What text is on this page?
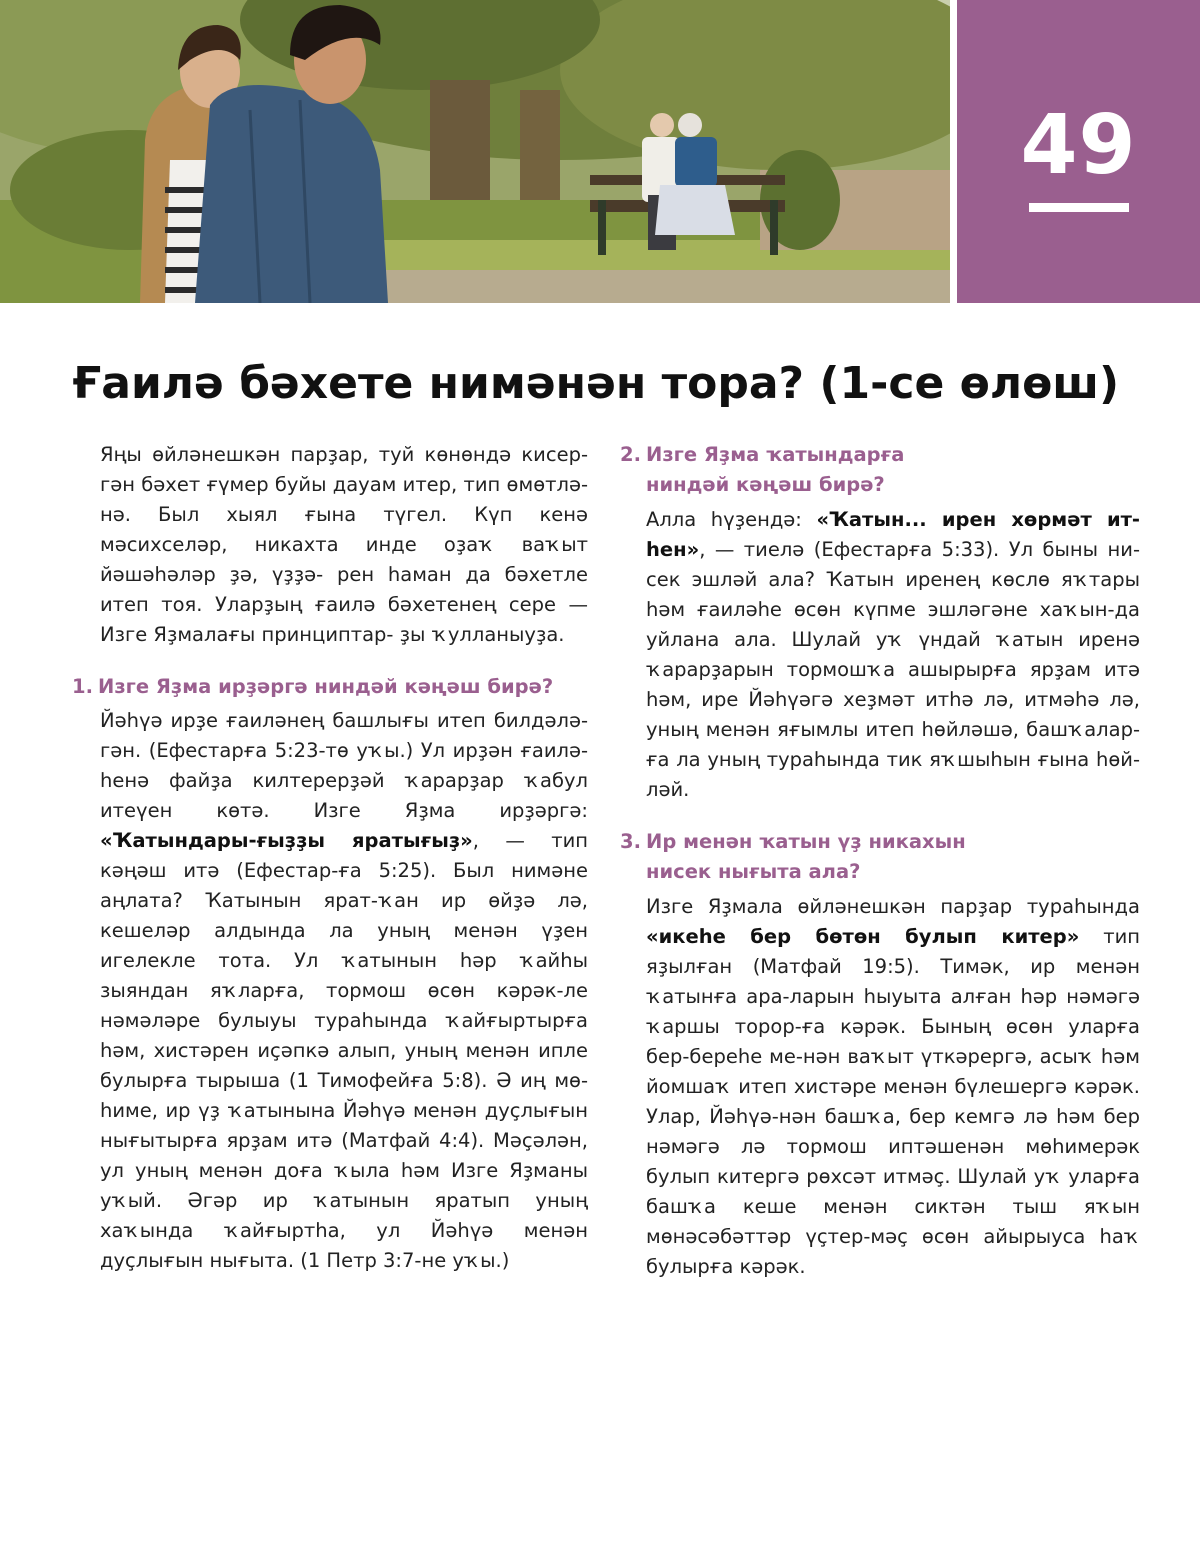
49
Ғаилә бәхете нимәнән тора? (1-се өлөш)

Яңы өйләнешкән парҙар, туй көнөндә кисер- гән бәхет ғүмер буйы дауам итер, тип өмөтлә- нә. Был хыял ғына түгел. Күп кенә мәсихселәр, никахта инде оҙаҡ ваҡыт йәшәһәләр ҙә, үҙҙә- рен һаман да бәхетле итеп тоя. Уларҙың ғаилә бәхетенең сере — Изге Яҙмалағы принциптар- ҙы ҡулланыуҙа.

1. Изге Яҙма ирҙәргә ниндәй кәңәш бирә?

Йәһүә ирҙе ғаиләнең башлығы итеп билдәлә-гән. (Ефестарға 5:23-тө уҡы.) Ул ирҙән ғаилә-һенә файҙа килтерерҙәй ҡарарҙар ҡабул итеүен көтә. Изге Яҙма ирҙәргә: «Ҡатындары-ғыҙҙы яратығыҙ», — тип кәңәш итә (Ефестар-ға 5:25). Был нимәне аңлата? Ҡатынын ярат-ҡан ир өйҙә лә, кешеләр алдында ла уның менән үҙен игелекле тота. Ул ҡатынын һәр ҡайһы зыяндан яҡларға, тормош өсөн кәрәк-ле нәмәләре булыуы тураһында ҡайғыртырға һәм, хистәрен иҫәпкә алып, уның менән ипле булырға тырыша (1 Тимофейға 5:8). Ә иң мө-һиме, ир үҙ ҡатынына Йәһүә менән дуҫлығын нығытырға ярҙам итә (Матфай 4:4). Мәҫәлән, ул уның менән доға ҡыла һәм Изге Яҙманы уҡый. Әгәр ир ҡатынын яратып уның хаҡында ҡайғыртһа, ул Йәһүә менән дуҫлығын нығыта. (1 Петр 3:7-не уҡы.)

2. Изге Яҙма ҡатындарға
ниндәй кәңәш бирә?

Алла һүҙендә: «Ҡатын... ирен хөрмәт ит-һен», — тиелә (Ефестарға 5:33). Ул быны ни-сек эшләй ала? Ҡатын иренең көслө яҡтары һәм ғаиләһе өсөн күпме эшләгәне хаҡын-да уйлана ала. Шулай уҡ үндай ҡатын иренә ҡарарҙарын тормошҡа ашырырға ярҙам итә һәм, ире Йәһүәгә хеҙмәт итһә лә, итмәһә лә, уның менән яғымлы итеп һөйләшә, башҡалар-ға ла уның тураһында тик яҡшыһын ғына һөй-ләй.

3. Ир менән ҡатын үҙ никахын
нисек нығыта ала?

Изге Яҙмала өйләнешкән парҙар тураһында «икеһе бер бөтөн булып китер» тип яҙылған (Матфай 19:5). Тимәк, ир менән ҡатынға ара-ларын һыуыта алған һәр нәмәгә ҡаршы торор-ға кәрәк. Бының өсөн уларға бер-береһе ме-нән ваҡыт үткәрергә, асыҡ һәм йомшаҡ итеп хистәре менән бүлешергә кәрәк. Улар, Йәһүә-нән башҡа, бер кемгә лә һәм бер нәмәгә лә тормош иптәшенән мөһимерәк булып китергә рөхсәт итмәҫ. Шулай уҡ уларға башҡа кеше менән сиктән тыш яҡын мөнәсәбәттәр үҫтер-мәҫ өсөн айырыуса һаҡ булырға кәрәк.
